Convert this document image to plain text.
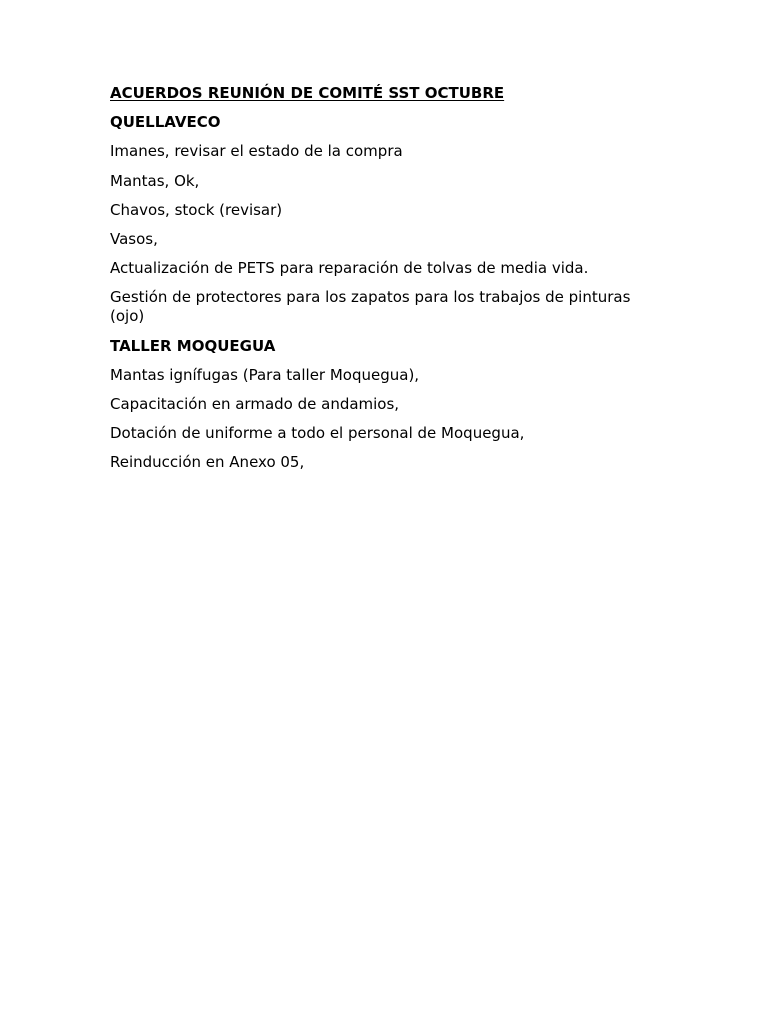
ACUERDOS REUNIÓN DE COMITÉ SST OCTUBRE

QUELLAVECO

Imanes, revisar el estado de la compra

Mantas, Ok,

Chavos, stock (revisar)

Vasos,

Actualización de PETS para reparación de tolvas de media vida.

Gestión de protectores para los zapatos para los trabajos de pinturas (ojo)

TALLER MOQUEGUA

Mantas ignífugas (Para taller Moquegua),

Capacitación en armado de andamios,

Dotación de uniforme a todo el personal de Moquegua,

Reinducción en Anexo 05,
